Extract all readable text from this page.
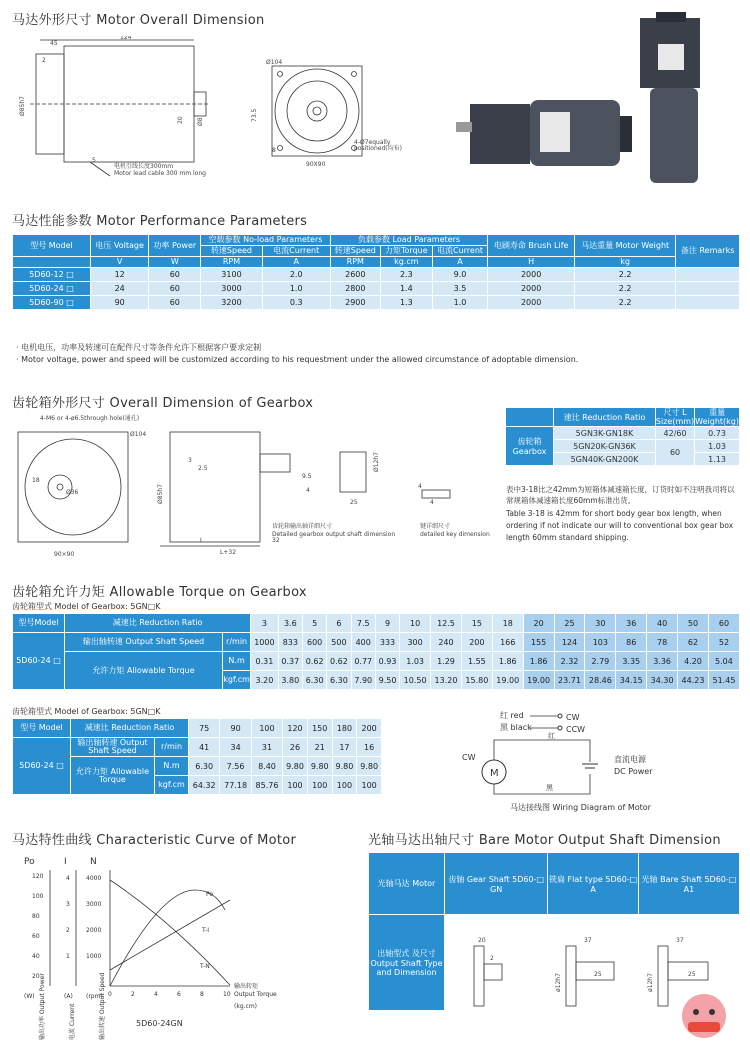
马达外形尺寸 Motor Overall Dimension
124
45
2
Ø85h7
Ø8
20
5
电机引线长度300mm
Motor lead cable 300 mm long
Ø104
73.5
8
90X90
4-Ø7equally
positioned(均布)
马达性能参数 Motor Performance Parameters
型号 Model	电压 Voltage	功率 Power	空载参数 No-load Parameters		负载参数 Load Parameters			电刷寿命 Brush Life	马达重量 Motor Weight	备注 Remarks
			转速Speed	电流Current	转速Speed	力矩Torque	电流Current			
	V	W	RPM	A	RPM	kg.cm	A	H	kg	
5D60-12 □	12	60	3100	2.0	2600	2.3	9.0	2000	2.2	
5D60-24 □	24	60	3000	1.0	2800	1.4	3.5	2000	2.2	
5D60-90 □	90	60	3200	0.3	2900	1.3	1.0	2000	2.2	
· 电机电压，功率及转速可在配件尺寸等条件允许下根据客户要求定制
· Motor voltage, power and speed will be customized according to his requestment under the allowed circumstance of adoptable dimension.
齿轮箱外形尺寸 Overall Dimension of Gearbox
4-M6 or 4-ø6.5through hole(通孔)
Ø104
Ø36
18
90×90
3
2.5
Ø85h7
L	32
L+32
Ø12h7
9.5
4
25
4
4
齿轮箱输出轴详细尺寸
Detailed gearbox output shaft dimension
键详细尺寸
detailed key dimension
	速比 Reduction Ratio	尺寸 L Size(mm)	重量 Weight(kg)
齿轮箱 Gearbox	5GN3K-GN18K	42/60	0.73
	5GN20K-GN36K	60	1.03
	5GN40K-GN200K		1.13
表中3-18比之42mm为短箱体减速箱长度，订货时如不注明我司将以常规箱体减速箱长度60mm标准出货。
Table 3-18 is 42mm for short body gear box length, when ordering if not indicate our will to conventional box gear box length 60mm standard shipping.
齿轮箱允许力矩 Allowable Torque on Gearbox
齿轮箱型式 Model of Gearbox: 5GN□K
型号Model	减速比 Reduction Ratio		3	3.6	5	6	7.5	9	10	12.5	15	18	20	25	30	36	40	50	60
5D60-24 □	输出轴转速 Output Shaft Speed	r/min	1000	833	600	500	400	333	300	240	200	166	155	124	103	86	78	62	52
	允许力矩 Allowable Torque	N.m	0.31	0.37	0.62	0.62	0.77	0.93	1.03	1.29	1.55	1.86	1.86	2.32	2.79	3.35	3.36	4.20	5.04
		kgf.cm	3.20	3.80	6.30	6.30	7.90	9.50	10.50	13.20	15.80	19.00	19.00	23.71	28.46	34.15	34.30	44.23	51.45
齿轮箱型式 Model of Gearbox: 5GN□K
型号 Model	减速比 Reduction Ratio		75	90	100	120	150	180	200
5D60-24 □	输出轴转速 Output Shaft Speed	r/min	41	34	31	26	21	17	16
	允许力矩 Allowable Torque	N.m	6.30	7.56	8.40	9.80	9.80	9.80	9.80
		kgf.cm	64.32	77.18	85.76	100	100	100	100
红 red
黑 black
CW
CCW
CW
M
红
黑
直流电源
DC Power
马达接线图 Wiring Diagram of Motor
马达特性曲线 Characteristic Curve of Motor
Po	I	N
120
100
80
60
40
20
4
3
2
1
4000
3000
2000
1000
0	2	4	6	8	10
(W)	(A) (rpm)
Po
T-I
T-N
输出转矩
Output Torque
(kg.cm)
输出功率 Output Power	电流 Current	输出转速 Output Speed	5D60-24GN
光轴马达出轴尺寸 Bare Motor Output Shaft Dimension
光轴马达 Motor	齿轴 Gear Shaft 5D60-□ GN	铣扁 Flat type 5D60-□ A	光轴 Bare Shaft 5D60-□ A1
出轴型式 及尺寸 Output Shaft Type and Dimension			
20
2
37
ø12h7	25
37
ø12h7	25
